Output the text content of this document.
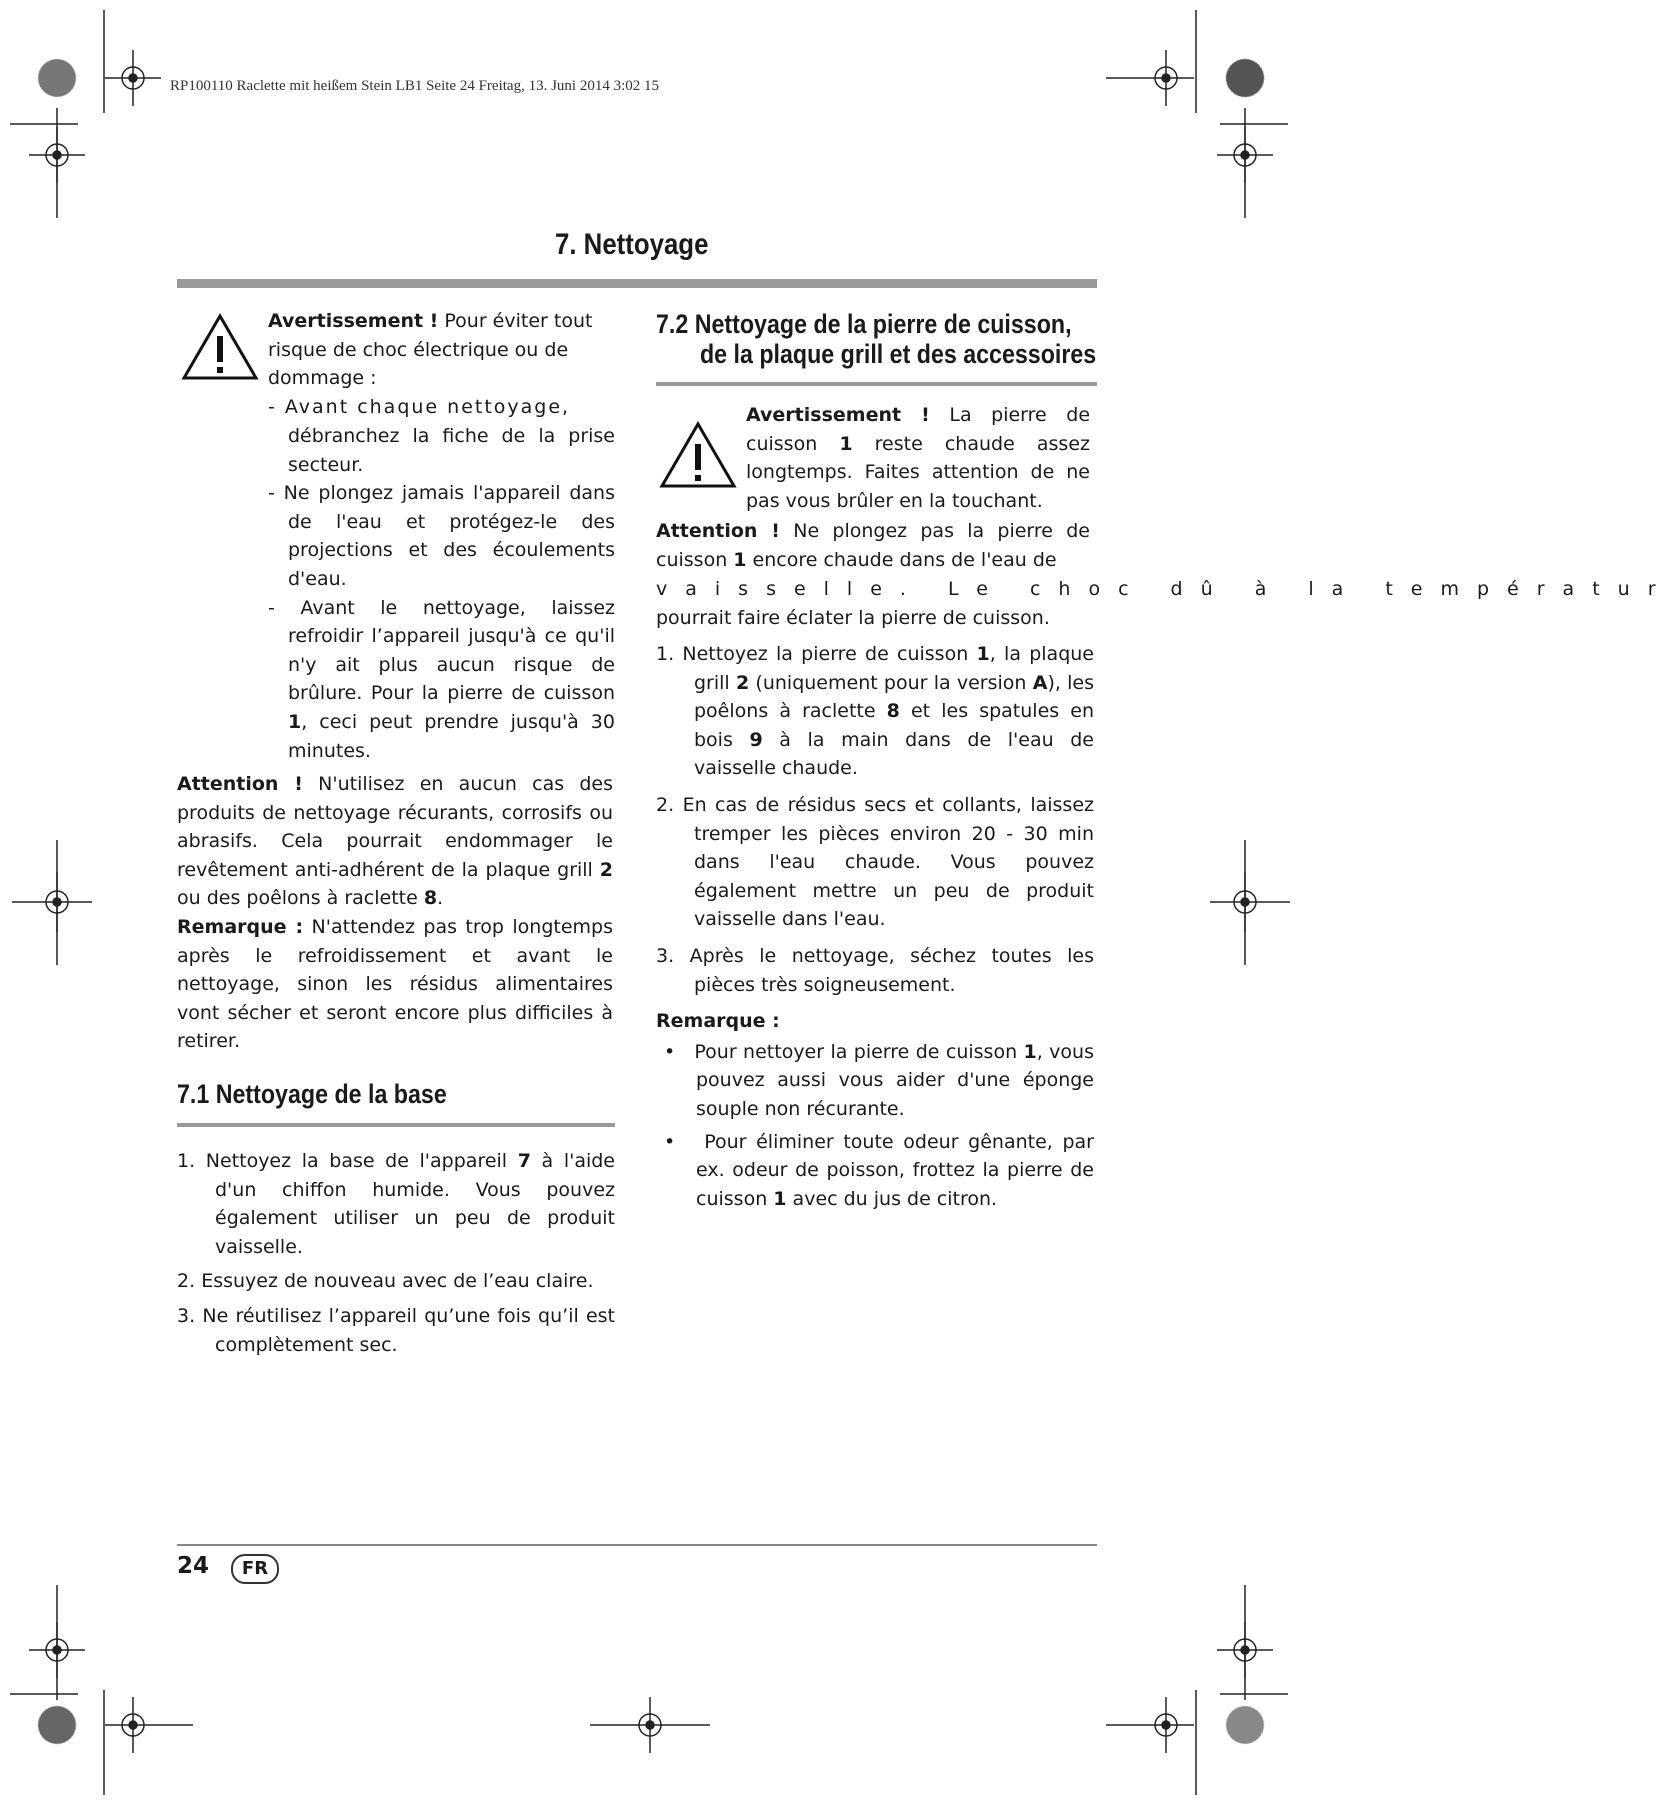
RP100110 Raclette mit heißem Stein LB1 Seite 24 Freitag, 13. Juni 2014 3:02 15
7. Nettoyage

Avertissement ! Pour éviter tout risque de choc électrique ou de dommage :

- Avant chaque nettoyage,

débranchez la fiche de la prise secteur.

- Ne plongez jamais l'appareil dans de l'eau et protégez-le des projections et des écoulements d'eau.

- Avant le nettoyage, laissez refroidir l’appareil jusqu'à ce qu'il n'y ait plus aucun risque de brûlure. Pour la pierre de cuisson 1, ceci peut prendre jusqu'à 30 minutes.

Attention ! N'utilisez en aucun cas des produits de nettoyage récurants, corrosifs ou abrasifs. Cela pourrait endommager le revêtement anti-adhérent de la plaque grill 2 ou des poêlons à raclette 8.

Remarque : N'attendez pas trop longtemps après le refroidissement et avant le nettoyage, sinon les résidus alimentaires vont sécher et seront encore plus difficiles à retirer.

7.1 Nettoyage de la base

1. Nettoyez la base de l'appareil 7 à l'aide d'un chiffon humide. Vous pouvez également utiliser un peu de produit vaisselle.

2. Essuyez de nouveau avec de l’eau claire.

3. Ne réutilisez l’appareil qu’une fois qu’il est complètement sec.

7.2 Nettoyage de la pierre de cuisson,
de la plaque grill et des accessoires

Avertissement ! La pierre de cuisson 1 reste chaude assez longtemps. Faites attention de ne pas vous brûler en la touchant.

Attention ! Ne plongez pas la pierre de cuisson 1 encore chaude dans de l'eau de

vaisselle. Le choc dû à la températur
pourrait faire éclater la pierre de cuisson.

1. Nettoyez la pierre de cuisson 1, la plaque grill 2 (uniquement pour la version A), les poêlons à raclette 8 et les spatules en bois 9 à la main dans de l'eau de vaisselle chaude.

2. En cas de résidus secs et collants, laissez tremper les pièces environ 20 - 30 min dans l'eau chaude. Vous pouvez également mettre un peu de produit vaisselle dans l'eau.

3. Après le nettoyage, séchez toutes les pièces très soigneusement.

Remarque :

• Pour nettoyer la pierre de cuisson 1, vous pouvez aussi vous aider d'une éponge souple non récurante.

• Pour éliminer toute odeur gênante, par ex. odeur de poisson, frottez la pierre de cuisson 1 avec du jus de citron.

24	FR
